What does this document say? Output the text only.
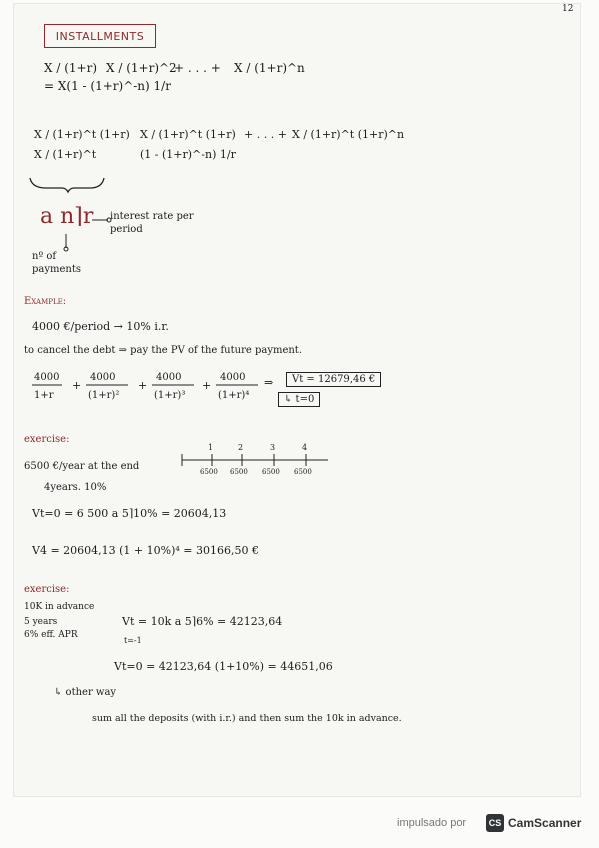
12
INSTALLMENTS
X / (1+r) X / (1+r)^2
+ . . . + X / (1+r)^n
= X(1 - (1+r)^-n) 1/r
X / (1+r)^t (1+r) X / (1+r)^t (1+r) + . . . + X / (1+r)^t (1+r)^n
X / (1+r)^t	(1 - (1+r)^-n) 1/r
a n⌉r interest rate per period
nº of payments
Example:
4000 €/period → 10% i.r.
to cancel the debt ⇒ pay the PV of the future payment.
4000
1+r
+
4000
(1+r)²
+
4000
(1+r)³
+
4000
(1+r)⁴
⇒	Vt = 12679,46 €
↳ t=0
exercise:
6500 €/year at the end
4years. 10%
1	2	3	4
6500 6500 6500 6500
Vt=0 = 6 500 a 5⌉10% = 20604,13
V4 = 20604,13 (1 + 10%)⁴ = 30166,50 €
exercise:
10K in advance
5 years
6% eff. APR
Vt = 10k a 5⌉6% = 42123,64
t=-1
Vt=0 = 42123,64 (1+10%) = 44651,06
↳ other way
sum all the deposits (with i.r.) and then sum the 10k in advance.
impulsado por	CS CamScanner
